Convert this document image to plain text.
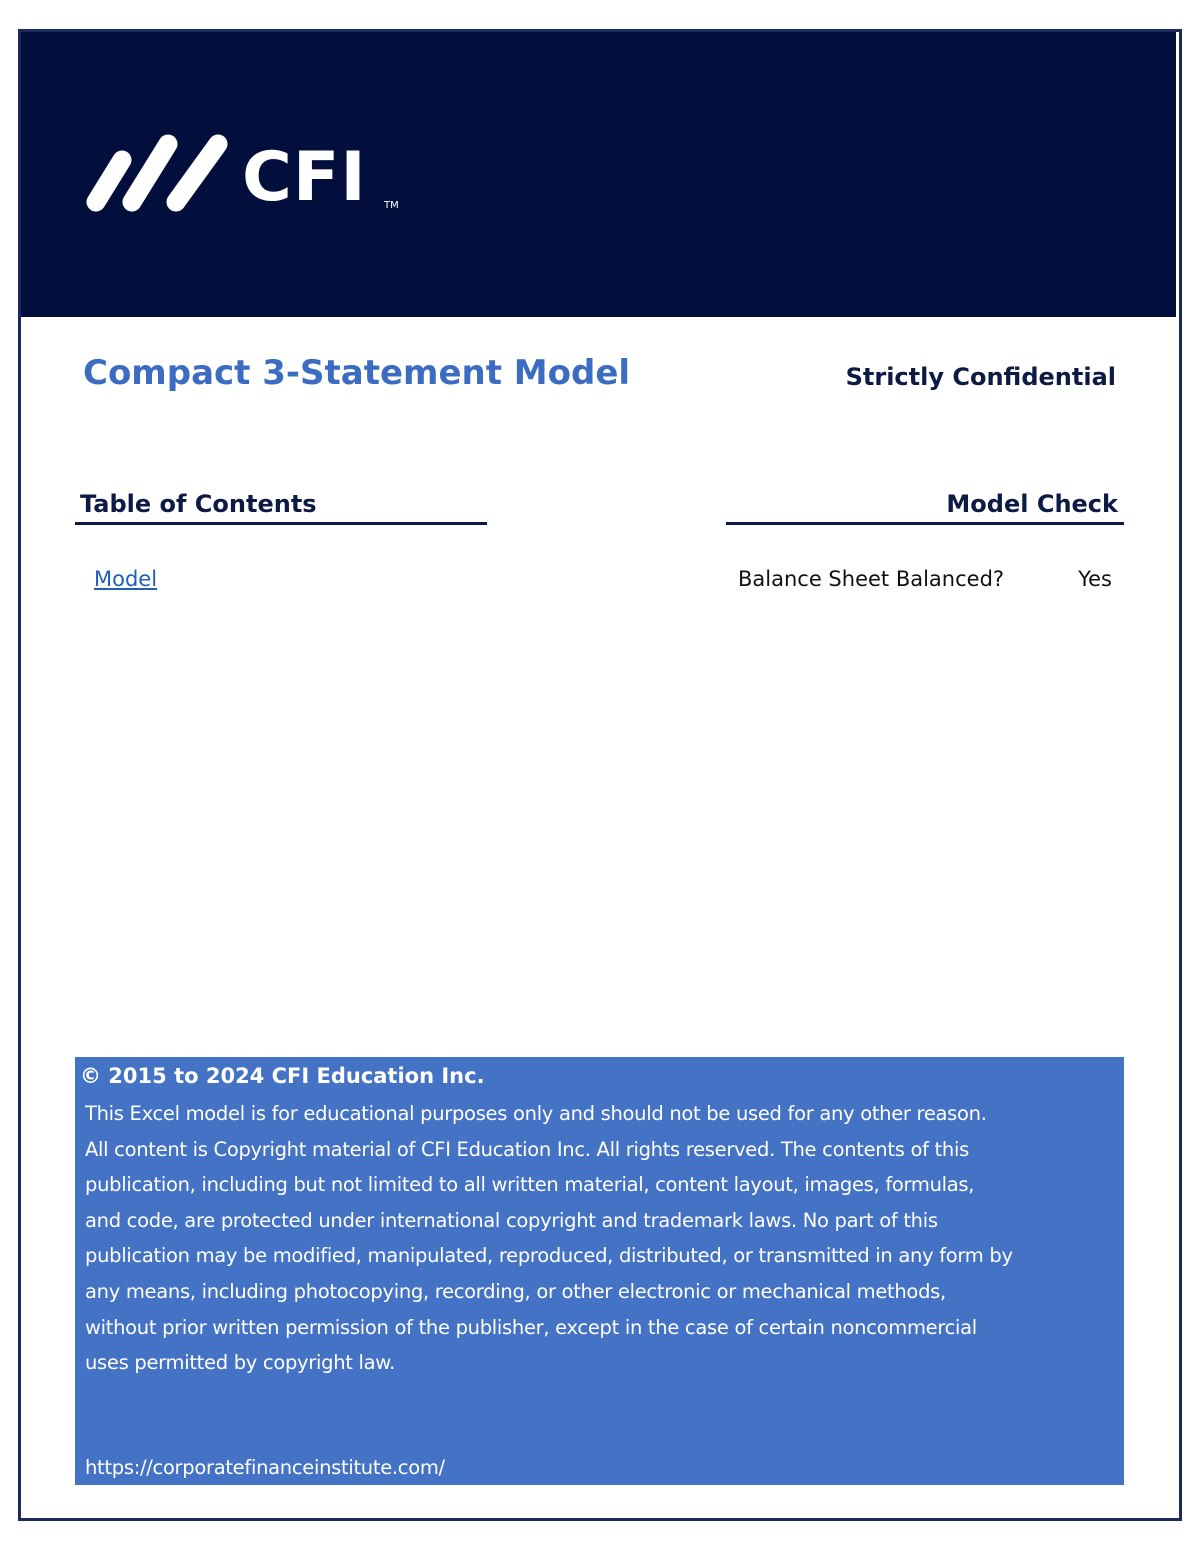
CFI TM
Compact 3-Statement Model	Strictly Confidential
Table of Contents	Model Check
Model	Balance Sheet Balanced?	Yes
© 2015 to 2024 CFI Education Inc.
This Excel model is for educational purposes only and should not be used for any other reason. All content is Copyright material of CFI Education Inc. All rights reserved. The contents of this publication, including but not limited to all written material, content layout, images, formulas, and code, are protected under international copyright and trademark laws. No part of this publication may be modified, manipulated, reproduced, distributed, or transmitted in any form by any means, including photocopying, recording, or other electronic or mechanical methods, without prior written permission of the publisher, except in the case of certain noncommercial uses permitted by copyright law.
https://corporatefinanceinstitute.com/
